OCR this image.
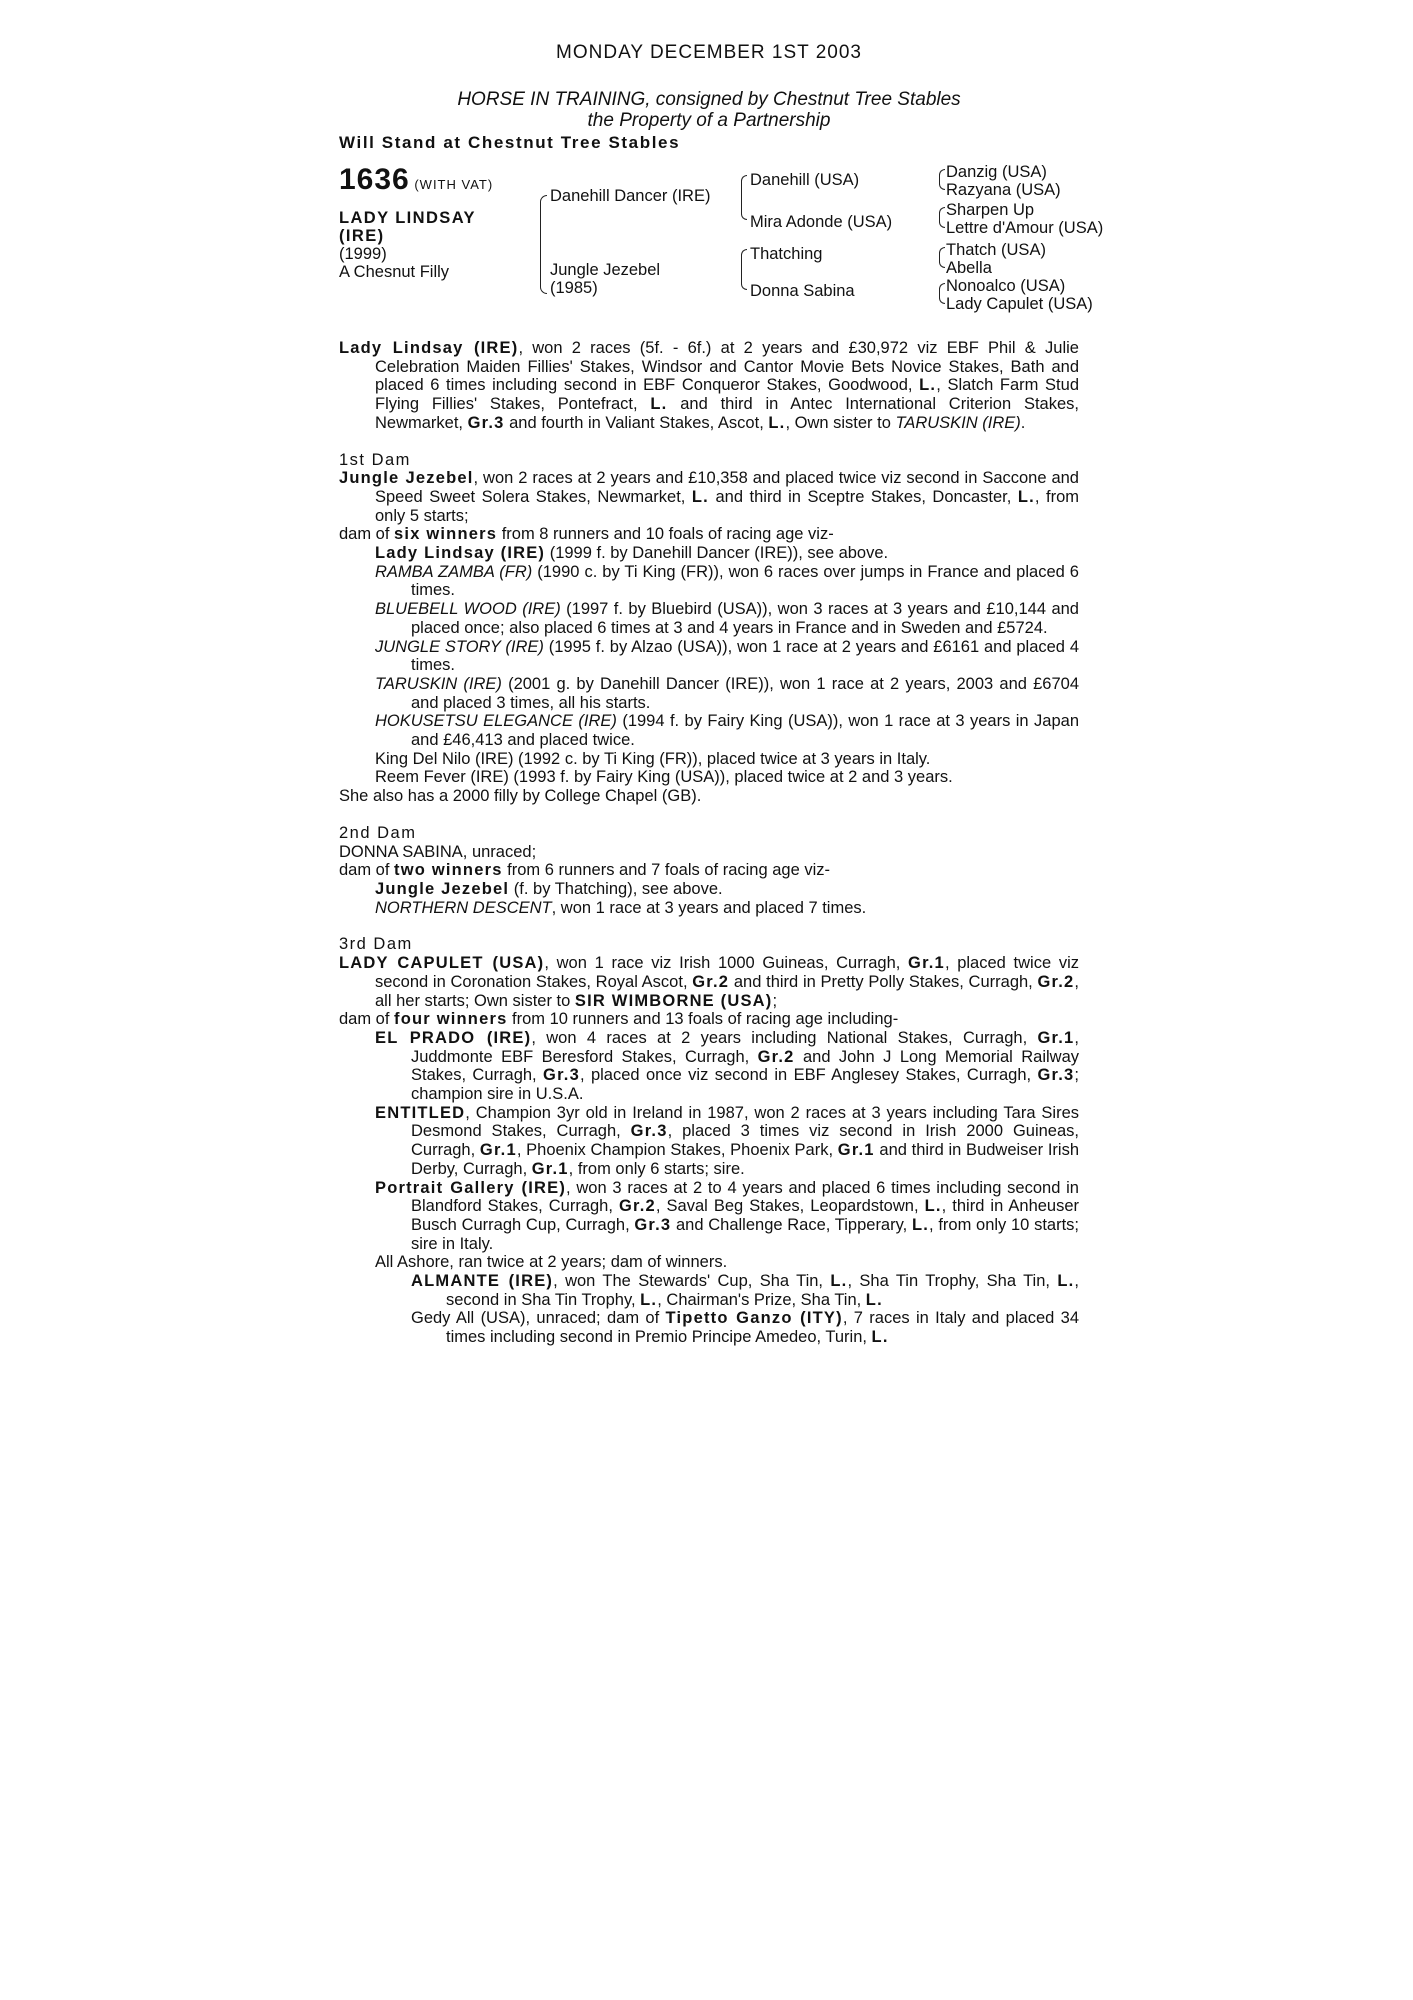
MONDAY DECEMBER 1ST 2003
HORSE IN TRAINING, consigned by Chestnut Tree Stables
the Property of a Partnership
Will Stand at Chestnut Tree Stables
1636 (WITH VAT)
LADY LINDSAY
(IRE)
(1999)
A Chesnut Filly
Danehill Dancer (IRE)
Jungle Jezebel
(1985)
Danehill (USA)
Mira Adonde (USA)
Thatching
Donna Sabina
Danzig (USA)
Razyana (USA)
Sharpen Up
Lettre d'Amour (USA)
Thatch (USA)
Abella
Nonoalco (USA)
Lady Capulet (USA)
Lady Lindsay (IRE), won 2 races (5f. - 6f.) at 2 years and £30,972 viz EBF Phil & Julie Celebration Maiden Fillies' Stakes, Windsor and Cantor Movie Bets Novice Stakes, Bath and placed 6 times including second in EBF Conqueror Stakes, Goodwood, L., Slatch Farm Stud Flying Fillies' Stakes, Pontefract, L. and third in Antec International Criterion Stakes, Newmarket, Gr.3 and fourth in Valiant Stakes, Ascot, L., Own sister to TARUSKIN (IRE).
1st Dam
Jungle Jezebel, won 2 races at 2 years and £10,358 and placed twice viz second in Saccone and Speed Sweet Solera Stakes, Newmarket, L. and third in Sceptre Stakes, Doncaster, L., from only 5 starts;
dam of six winners from 8 runners and 10 foals of racing age viz-
Lady Lindsay (IRE) (1999 f. by Danehill Dancer (IRE)), see above.
RAMBA ZAMBA (FR) (1990 c. by Ti King (FR)), won 6 races over jumps in France and placed 6 times.
BLUEBELL WOOD (IRE) (1997 f. by Bluebird (USA)), won 3 races at 3 years and £10,144 and placed once; also placed 6 times at 3 and 4 years in France and in Sweden and £5724.
JUNGLE STORY (IRE) (1995 f. by Alzao (USA)), won 1 race at 2 years and £6161 and placed 4 times.
TARUSKIN (IRE) (2001 g. by Danehill Dancer (IRE)), won 1 race at 2 years, 2003 and £6704 and placed 3 times, all his starts.
HOKUSETSU ELEGANCE (IRE) (1994 f. by Fairy King (USA)), won 1 race at 3 years in Japan and £46,413 and placed twice.
King Del Nilo (IRE) (1992 c. by Ti King (FR)), placed twice at 3 years in Italy.
Reem Fever (IRE) (1993 f. by Fairy King (USA)), placed twice at 2 and 3 years.
She also has a 2000 filly by College Chapel (GB).
2nd Dam
DONNA SABINA, unraced;
dam of two winners from 6 runners and 7 foals of racing age viz-
Jungle Jezebel (f. by Thatching), see above.
NORTHERN DESCENT, won 1 race at 3 years and placed 7 times.
3rd Dam
LADY CAPULET (USA), won 1 race viz Irish 1000 Guineas, Curragh, Gr.1, placed twice viz second in Coronation Stakes, Royal Ascot, Gr.2 and third in Pretty Polly Stakes, Curragh, Gr.2, all her starts; Own sister to SIR WIMBORNE (USA);
dam of four winners from 10 runners and 13 foals of racing age including-
EL PRADO (IRE), won 4 races at 2 years including National Stakes, Curragh, Gr.1, Juddmonte EBF Beresford Stakes, Curragh, Gr.2 and John J Long Memorial Railway Stakes, Curragh, Gr.3, placed once viz second in EBF Anglesey Stakes, Curragh, Gr.3; champion sire in U.S.A.
ENTITLED, Champion 3yr old in Ireland in 1987, won 2 races at 3 years including Tara Sires Desmond Stakes, Curragh, Gr.3, placed 3 times viz second in Irish 2000 Guineas, Curragh, Gr.1, Phoenix Champion Stakes, Phoenix Park, Gr.1 and third in Budweiser Irish Derby, Curragh, Gr.1, from only 6 starts; sire.
Portrait Gallery (IRE), won 3 races at 2 to 4 years and placed 6 times including second in Blandford Stakes, Curragh, Gr.2, Saval Beg Stakes, Leopardstown, L., third in Anheuser Busch Curragh Cup, Curragh, Gr.3 and Challenge Race, Tipperary, L., from only 10 starts; sire in Italy.
All Ashore, ran twice at 2 years; dam of winners.
ALMANTE (IRE), won The Stewards' Cup, Sha Tin, L., Sha Tin Trophy, Sha Tin, L., second in Sha Tin Trophy, L., Chairman's Prize, Sha Tin, L.
Gedy All (USA), unraced; dam of Tipetto Ganzo (ITY), 7 races in Italy and placed 34 times including second in Premio Principe Amedeo, Turin, L.
